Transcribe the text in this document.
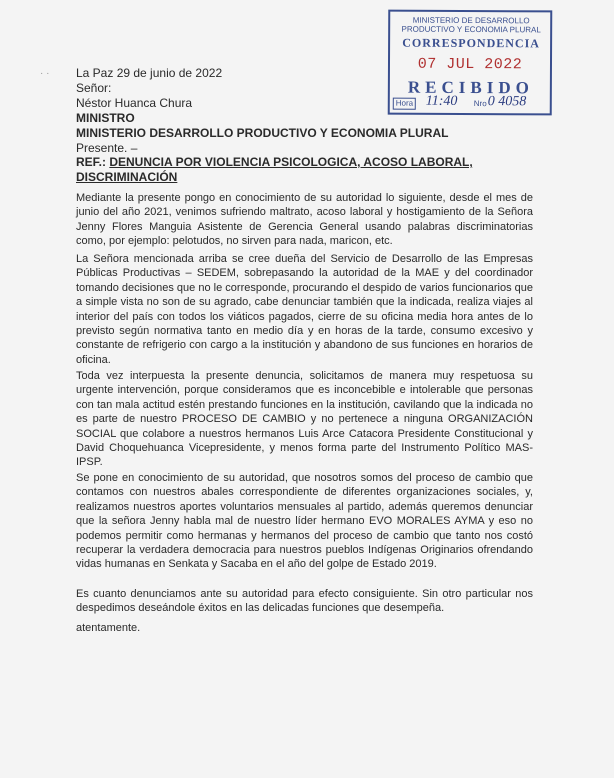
· ·
MINISTERIO DE DESARROLLO
PRODUCTIVO Y ECONOMIA PLURAL
CORRESPONDENCIA
07 JUL 2022
RECIBIDO
Hora 11:40 Nro 0 4058
La Paz 29 de junio de 2022
Señor:
Néstor Huanca Chura
MINISTRO
MINISTERIO DESARROLLO PRODUCTIVO Y ECONOMIA PLURAL
Presente. –
REF.: DENUNCIA POR VIOLENCIA PSICOLOGICA, ACOSO LABORAL, DISCRIMINACIÓN
Mediante la presente pongo en conocimiento de su autoridad lo siguiente, desde el mes de junio del año 2021, venimos sufriendo maltrato, acoso laboral y hostigamiento de la Señora Jenny Flores Manguia Asistente de Gerencia General usando palabras discriminatorias como, por ejemplo: pelotudos, no sirven para nada, maricon, etc.
La Señora mencionada arriba se cree dueña del Servicio de Desarrollo de las Empresas Públicas Productivas – SEDEM, sobrepasando la autoridad de la MAE y del coordinador tomando decisiones que no le corresponde, procurando el despido de varios funcionarios que a simple vista no son de su agrado, cabe denunciar también que la indicada, realiza viajes al interior del país con todos los viáticos pagados, cierre de su oficina media hora antes de lo previsto según normativa tanto en medio día y en horas de la tarde, consumo excesivo y constante de refrigerio con cargo a la institución y abandono de sus funciones en horarios de oficina.
Toda vez interpuesta la presente denuncia, solicitamos de manera muy respetuosa su urgente intervención, porque consideramos que es inconcebible e intolerable que personas con tan mala actitud estén prestando funciones en la institución, cavilando que la indicada no es parte de nuestro PROCESO DE CAMBIO y no pertenece a ninguna ORGANIZACIÓN SOCIAL que colabore a nuestros hermanos Luis Arce Catacora Presidente Constitucional y David Choquehuanca Vicepresidente, y menos forma parte del Instrumento Político MAS-IPSP.
Se pone en conocimiento de su autoridad, que nosotros somos del proceso de cambio que contamos con nuestros abales correspondiente de diferentes organizaciones sociales, y, realizamos nuestros aportes voluntarios mensuales al partido, además queremos denunciar que la señora Jenny habla mal de nuestro líder hermano EVO MORALES AYMA y eso no podemos permitir como hermanas y hermanos del proceso de cambio que tanto nos costó recuperar la verdadera democracia para nuestros pueblos Indígenas Originarios ofrendando vidas humanas en Senkata y Sacaba en el año del golpe de Estado 2019.
Es cuanto denunciamos ante su autoridad para efecto consiguiente. Sin otro particular nos despedimos deseándole éxitos en las delicadas funciones que desempeña.
atentamente.
